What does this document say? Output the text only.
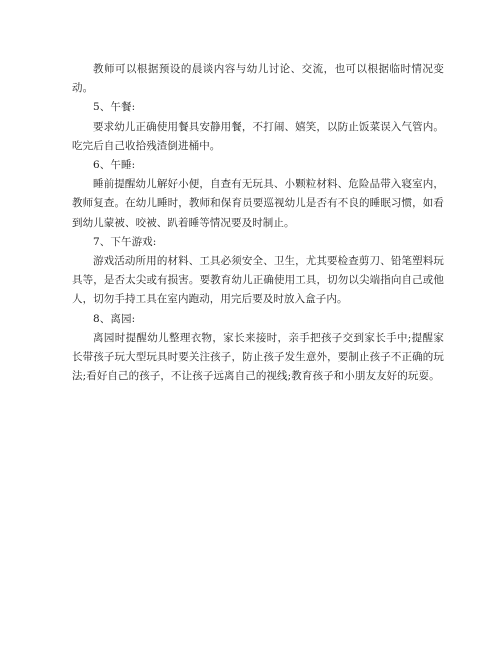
教师可以根据预设的晨谈内容与幼儿讨论、交流，也可以根据临时情况变动。

5、午餐:

要求幼儿正确使用餐具安静用餐，不打闹、嬉笑，以防止饭菜误入气管内。吃完后自己收拾残渣倒进桶中。

6、午睡:

睡前提醒幼儿解好小便，自查有无玩具、小颗粒材料、危险品带入寝室内，教师复查。在幼儿睡时，教师和保育员要巡视幼儿是否有不良的睡眠习惯，如看到幼儿蒙被、咬被、趴着睡等情况要及时制止。

7、下午游戏:

游戏活动所用的材料、工具必须安全、卫生，尤其要检查剪刀、铅笔塑料玩具等，是否太尖或有损害。要教育幼儿正确使用工具，切勿以尖端指向自己或他人，切勿手持工具在室内跑动，用完后要及时放入盒子内。

8、离园:

离园时提醒幼儿整理衣物，家长来接时，亲手把孩子交到家长手中;提醒家长带孩子玩大型玩具时要关注孩子，防止孩子发生意外，要制止孩子不正确的玩法;看好自己的孩子，不让孩子远离自己的视线;教育孩子和小朋友友好的玩耍。
